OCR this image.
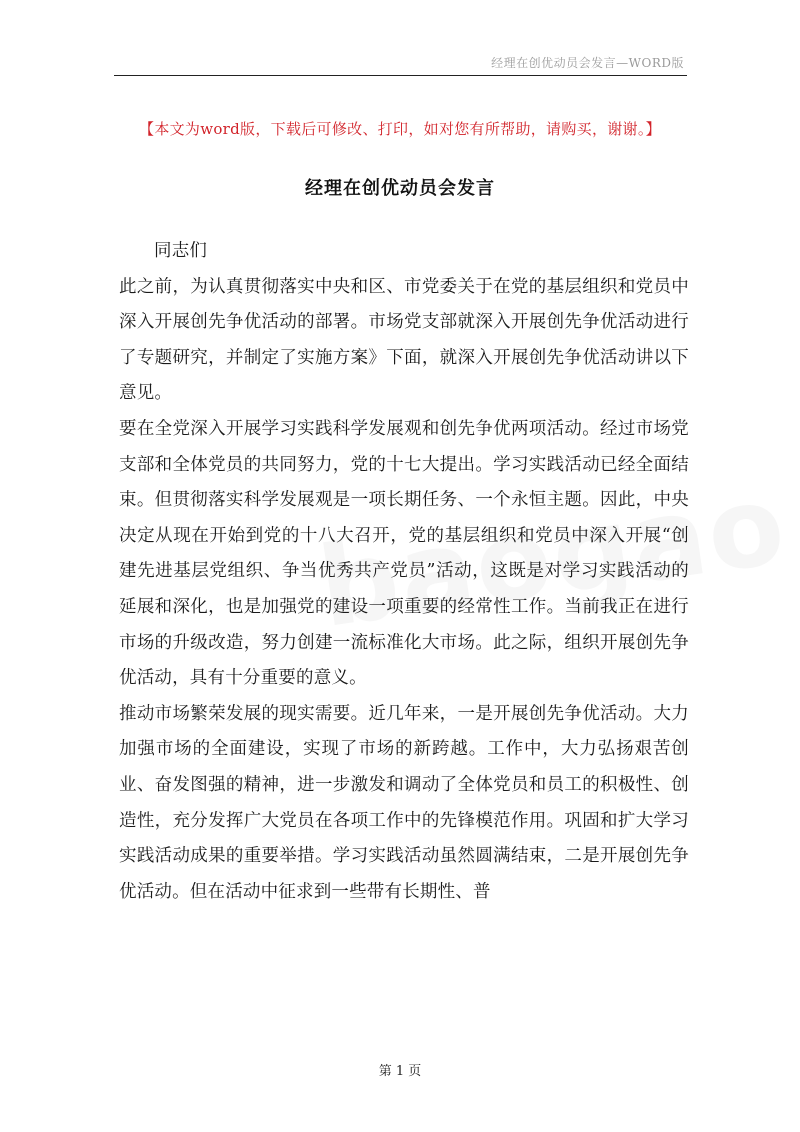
经理在创优动员会发言—WORD版
【本文为word版，下载后可修改、打印，如对您有所帮助，请购买，谢谢。】
经理在创优动员会发言

同志们

此之前，为认真贯彻落实中央和区、市党委关于在党的基层组织和党员中深入开展创先争优活动的部署。市场党支部就深入开展创先争优活动进行了专题研究，并制定了实施方案》下面，就深入开展创先争优活动讲以下意见。

要在全党深入开展学习实践科学发展观和创先争优两项活动。经过市场党支部和全体党员的共同努力，党的十七大提出。学习实践活动已经全面结束。但贯彻落实科学发展观是一项长期任务、一个永恒主题。因此，中央决定从现在开始到党的十八大召开，党的基层组织和党员中深入开展“创建先进基层党组织、争当优秀共产党员”活动，这既是对学习实践活动的延展和深化，也是加强党的建设一项重要的经常性工作。当前我正在进行市场的升级改造，努力创建一流标准化大市场。此之际，组织开展创先争优活动，具有十分重要的意义。

推动市场繁荣发展的现实需要。近几年来，一是开展创先争优活动。大力加强市场的全面建设，实现了市场的新跨越。工作中，大力弘扬艰苦创业、奋发图强的精神，进一步激发和调动了全体党员和员工的积极性、创造性，充分发挥广大党员在各项工作中的先锋模范作用。巩固和扩大学习实践活动成果的重要举措。学习实践活动虽然圆满结束，二是开展创先争优活动。但在活动中征求到一些带有长期性、普

第 1 页
